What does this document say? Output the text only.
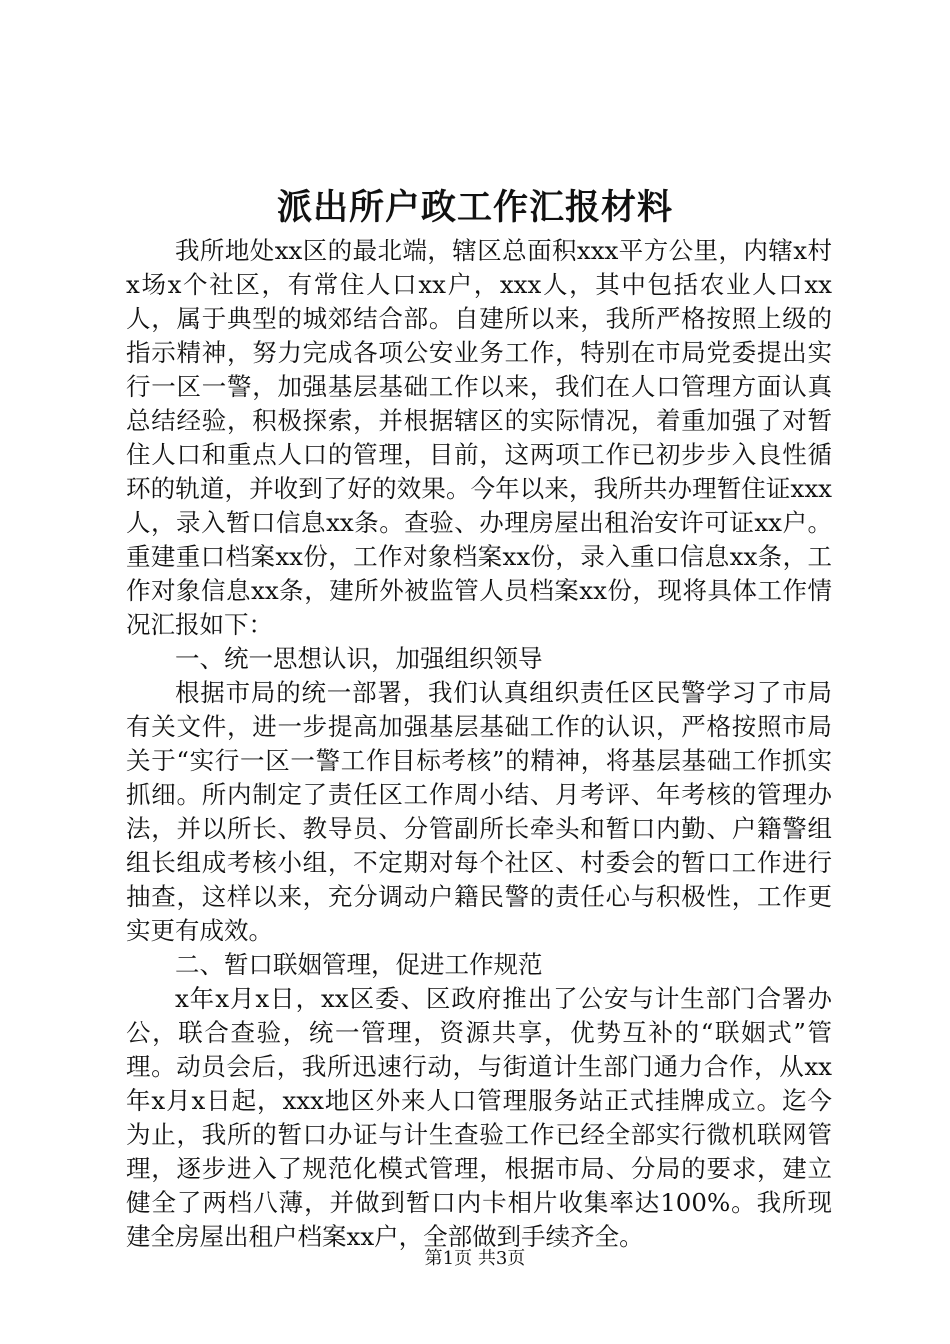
派出所户政工作汇报材料

我所地处xx区的最北端，辖区总面积xxx平方公里，内辖x村x场x个社区，有常住人口xx户，xxx人，其中包括农业人口xx人，属于典型的城郊结合部。自建所以来，我所严格按照上级的指示精神，努力完成各项公安业务工作，特别在市局党委提出实行一区一警，加强基层基础工作以来，我们在人口管理方面认真总结经验，积极探索，并根据辖区的实际情况，着重加强了对暂住人口和重点人口的管理，目前，这两项工作已初步步入良性循环的轨道，并收到了好的效果。今年以来，我所共办理暂住证xxx人，录入暂口信息xx条。查验、办理房屋出租治安许可证xx户。重建重口档案xx份，工作对象档案xx份，录入重口信息xx条，工作对象信息xx条，建所外被监管人员档案xx份，现将具体工作情况汇报如下：

一、统一思想认识，加强组织领导

根据市局的统一部署，我们认真组织责任区民警学习了市局有关文件，进一步提高加强基层基础工作的认识，严格按照市局关于“实行一区一警工作目标考核”的精神，将基层基础工作抓实抓细。所内制定了责任区工作周小结、月考评、年考核的管理办法，并以所长、教导员、分管副所长牵头和暂口内勤、户籍警组组长组成考核小组，不定期对每个社区、村委会的暂口工作进行抽查，这样以来，充分调动户籍民警的责任心与积极性，工作更实更有成效。

二、暂口联姻管理，促进工作规范

x年x月x日，xx区委、区政府推出了公安与计生部门合署办公，联合查验，统一管理，资源共享，优势互补的“联姻式”管理。动员会后，我所迅速行动，与街道计生部门通力合作，从xx年x月x日起，xxx地区外来人口管理服务站正式挂牌成立。迄今为止，我所的暂口办证与计生查验工作已经全部实行微机联网管理，逐步进入了规范化模式管理，根据市局、分局的要求，建立健全了两档八薄，并做到暂口内卡相片收集率达100%。我所现建全房屋出租户档案xx户，全部做到手续齐全。

第1页 共3页
